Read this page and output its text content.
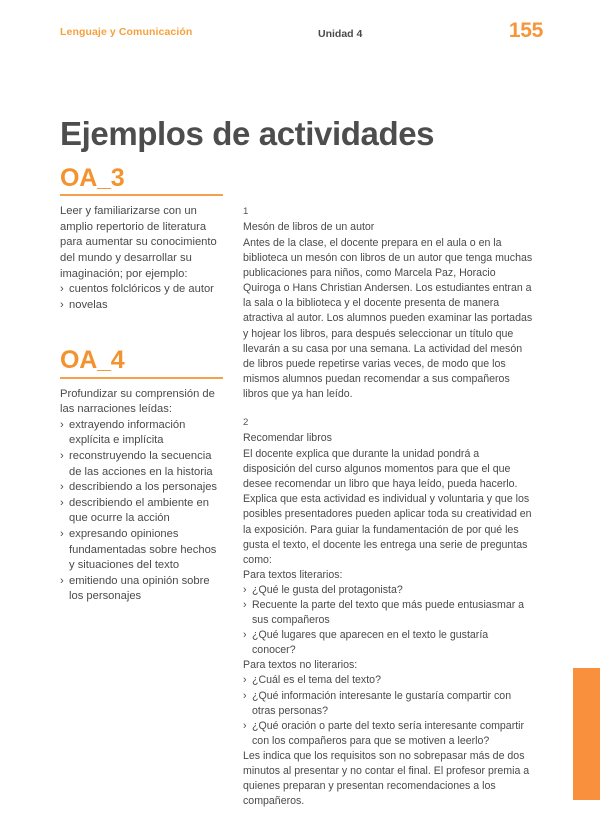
Lenguaje y Comunicación	Unidad 4	155
Ejemplos de actividades
OA_3

Leer y familiarizarse con un amplio repertorio de literatura para aumentar su conocimiento del mundo y desarrollar su imaginación; por ejemplo:

› cuentos folclóricos y de autor
› novelas
OA_4

Profundizar su comprensión de las narraciones leídas:

› extrayendo información explícita e implícita
› reconstruyendo la secuencia de las acciones en la historia
› describiendo a los personajes
› describiendo el ambiente en que ocurre la acción
› expresando opiniones fundamentadas sobre hechos y situaciones del texto
› emitiendo una opinión sobre los personajes

1

Mesón de libros de un autor

Antes de la clase, el docente prepara en el aula o en la biblioteca un mesón con libros de un autor que tenga muchas publicaciones para niños, como Marcela Paz, Horacio Quiroga o Hans Christian Andersen. Los estudiantes entran a la sala o la biblioteca y el docente presenta de manera atractiva al autor. Los alumnos pueden examinar las portadas y hojear los libros, para después seleccionar un título que llevarán a su casa por una semana. La actividad del mesón de libros puede repetirse varias veces, de modo que los mismos alumnos puedan recomendar a sus compañeros libros que ya han leído.

2

Recomendar libros

El docente explica que durante la unidad pondrá a disposición del curso algunos momentos para que el que desee recomendar un libro que haya leído, pueda hacerlo. Explica que esta actividad es individual y voluntaria y que los posibles presentadores pueden aplicar toda su creatividad en la exposición. Para guiar la fundamentación de por qué les gusta el texto, el docente les entrega una serie de preguntas como:

Para textos literarios:

› ¿Qué le gusta del protagonista?
› Recuente la parte del texto que más puede entusiasmar a sus compañeros
› ¿Qué lugares que aparecen en el texto le gustaría conocer?

Para textos no literarios:

› ¿Cuál es el tema del texto?
› ¿Qué información interesante le gustaría compartir con otras personas?
› ¿Qué oración o parte del texto sería interesante compartir con los compañeros para que se motiven a leerlo?

Les indica que los requisitos son no sobrepasar más de dos minutos al presentar y no contar el final. El profesor premia a quienes preparan y presentan recomendaciones a los compañeros.
